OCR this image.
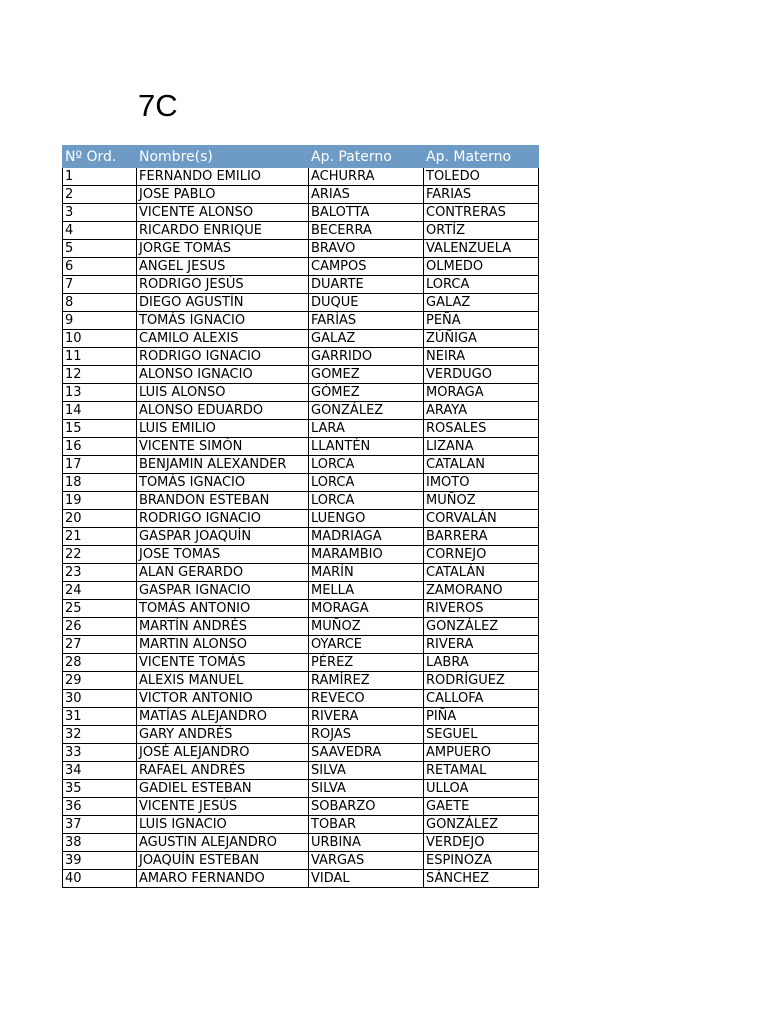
7C
Nº Ord.	Nombre(s)	Ap. Paterno	Ap. Materno
1	FERNANDO EMILIO	ACHURRA	TOLEDO
2	JOSE PABLO	ARIAS	FARIAS
3	VICENTE ALONSO	BALOTTA	CONTRERAS
4	RICARDO ENRIQUE	BECERRA	ORTÍZ
5	JORGE TOMÁS	BRAVO	VALENZUELA
6	ANGEL JESUS	CAMPOS	OLMEDO
7	RODRIGO JESÚS	DUARTE	LORCA
8	DIEGO AGUSTÍN	DUQUE	GALAZ
9	TOMÁS IGNACIO	FARÍAS	PEÑA
10	CAMILO ALEXIS	GALAZ	ZÚÑIGA
11	RODRIGO IGNACIO	GARRIDO	NEIRA
12	ALONSO IGNACIO	GOMEZ	VERDUGO
13	LUIS ALONSO	GÓMEZ	MORAGA
14	ALONSO EDUARDO	GONZÁLEZ	ARAYA
15	LUIS EMILIO	LARA	ROSALES
16	VICENTE SIMÓN	LLANTÉN	LIZANA
17	BENJAMIN ALEXANDER	LORCA	CATALAN
18	TOMÁS IGNACIO	LORCA	IMOTO
19	BRANDON ESTEBAN	LORCA	MUÑOZ
20	RODRIGO IGNACIO	LUENGO	CORVALÁN
21	GASPAR JOAQUÍN	MADRIAGA	BARRERA
22	JOSE TOMAS	MARAMBIO	CORNEJO
23	ALAN GERARDO	MARÍN	CATALÁN
24	GASPAR IGNACIO	MELLA	ZAMORANO
25	TOMÁS ANTONIO	MORAGA	RIVEROS
26	MARTÍN ANDRÉS	MUÑOZ	GONZÁLEZ
27	MARTIN ALONSO	OYARCE	RIVERA
28	VICENTE TOMÁS	PÉREZ	LABRA
29	ALEXIS MANUEL	RAMÍREZ	RODRÍGUEZ
30	VICTOR ANTONIO	REVECO	CALLOFA
31	MATÍAS ALEJANDRO	RIVERA	PIÑA
32	GARY ANDRÉS	ROJAS	SEGUEL
33	JOSÉ ALEJANDRO	SAAVEDRA	AMPUERO
34	RAFAEL ANDRÉS	SILVA	RETAMAL
35	GADIEL ESTEBAN	SILVA	ULLOA
36	VICENTE JESÚS	SOBARZO	GAETE
37	LUIS IGNACIO	TOBAR	GONZÁLEZ
38	AGUSTIN ALEJANDRO	URBINA	VERDEJO
39	JOAQUÍN ESTEBAN	VARGAS	ESPINOZA
40	AMARO FERNANDO	VIDAL	SÁNCHEZ
